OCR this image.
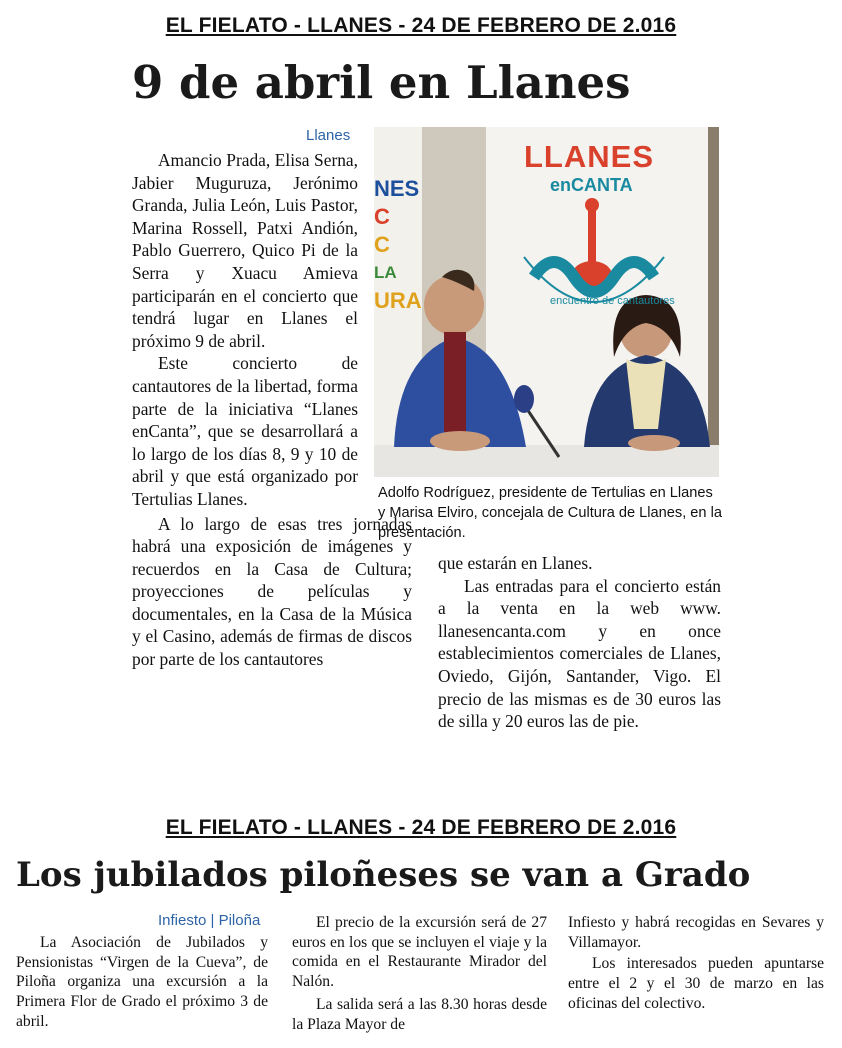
EL FIELATO - LLANES - 24 DE FEBRERO DE 2.016
9 de abril en Llanes
Llanes

Amancio Prada, Elisa Serna, Jabier Muguruza, Jerónimo Granda, Julia León, Luis Pastor, Marina Rossell, Patxi Andión, Pablo Guerrero, Quico Pi de la Serra y Xuacu Amieva participarán en el concierto que tendrá lugar en Llanes el próximo 9 de abril.

Este concierto de cantautores de la libertad, forma parte de la iniciativa “Llanes enCanta”, que se desarrollará a lo largo de los días 8, 9 y 10 de abril y que está organizado por Tertulias Llanes.

A lo largo de esas tres jornadas habrá una exposición de imágenes y recuerdos en la Casa de Cultura; proyecciones de películas y documentales, en la Casa de la Música y el Casino, además de firmas de discos por parte de los cantautores

LLANES
enCANTA
encuentro de cantautores
NES
C
C
LA
URA
Adolfo Rodríguez, presidente de Tertulias en Llanes y Marisa Elviro, concejala de Cultura de Llanes, en la presentación.

que estarán en Llanes.

Las entradas para el concierto están a la venta en la web www. llanesencanta.com y en once establecimientos comerciales de Llanes, Oviedo, Gijón, Santander, Vigo. El precio de las mismas es de 30 euros las de silla y 20 euros las de pie.

EL FIELATO - LLANES - 24 DE FEBRERO DE 2.016
Los jubilados piloñeses se van a Grado
Infiesto | Piloña

La Asociación de Jubilados y Pensionistas “Virgen de la Cueva”, de Piloña organiza una excursión a la Primera Flor de Grado el próximo 3 de abril.

El precio de la excursión será de 27 euros en los que se incluyen el viaje y la comida en el Restaurante Mirador del Nalón.

La salida será a las 8.30 horas desde la Plaza Mayor de

Infiesto y habrá recogidas en Sevares y Villamayor.

Los interesados pueden apuntarse entre el 2 y el 30 de marzo en las oficinas del colectivo.
